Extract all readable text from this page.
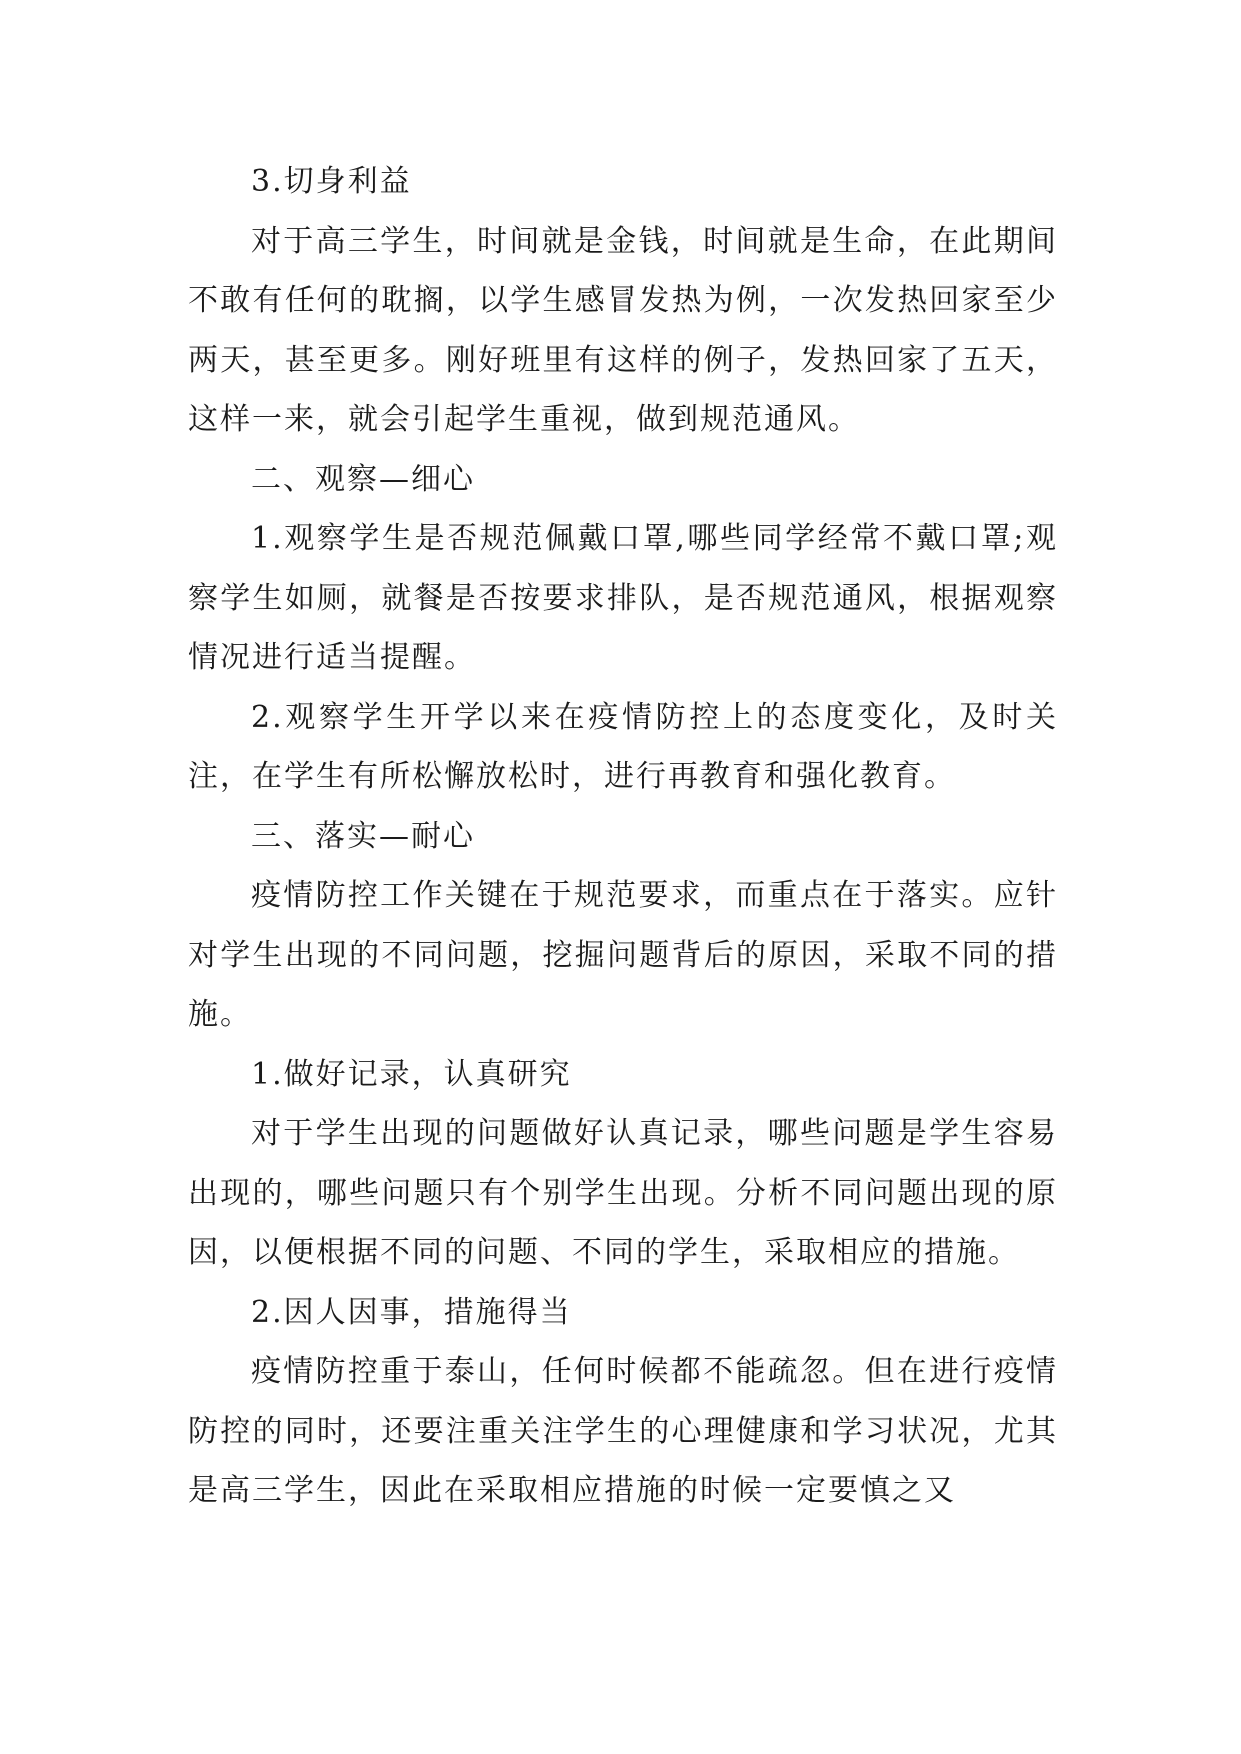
3.切身利益

对于高三学生，时间就是金钱，时间就是生命，在此期间不敢有任何的耽搁，以学生感冒发热为例，一次发热回家至少两天，甚至更多。刚好班里有这样的例子，发热回家了五天，这样一来，就会引起学生重视，做到规范通风。

二、观察—细心

1.观察学生是否规范佩戴口罩,哪些同学经常不戴口罩;观察学生如厕，就餐是否按要求排队，是否规范通风，根据观察情况进行适当提醒。

2.观察学生开学以来在疫情防控上的态度变化，及时关注，在学生有所松懈放松时，进行再教育和强化教育。

三、落实—耐心

疫情防控工作关键在于规范要求，而重点在于落实。应针对学生出现的不同问题，挖掘问题背后的原因，采取不同的措施。

1.做好记录，认真研究

对于学生出现的问题做好认真记录，哪些问题是学生容易出现的，哪些问题只有个别学生出现。分析不同问题出现的原因，以便根据不同的问题、不同的学生，采取相应的措施。

2.因人因事，措施得当

疫情防控重于泰山，任何时候都不能疏忽。但在进行疫情防控的同时，还要注重关注学生的心理健康和学习状况，尤其是高三学生，因此在采取相应措施的时候一定要慎之又
